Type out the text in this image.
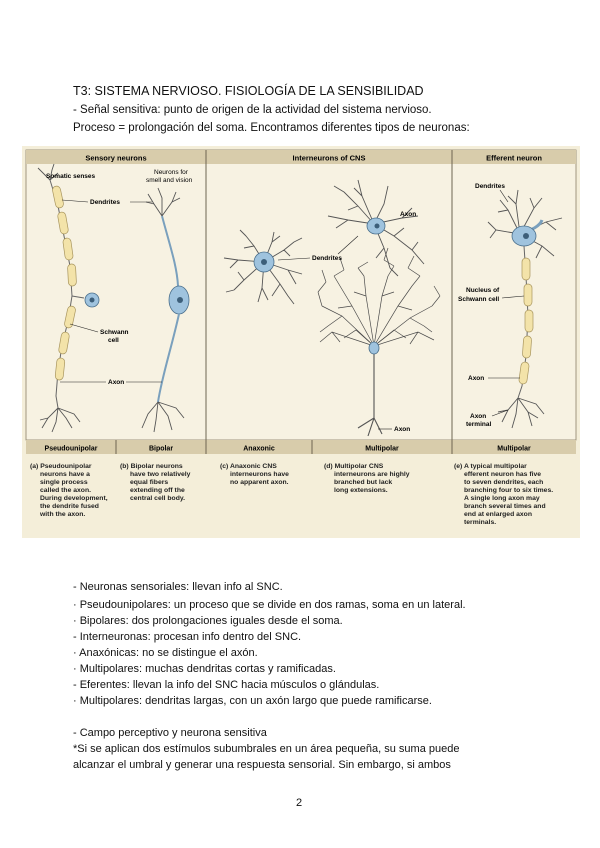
T3: SISTEMA NERVIOSO. FISIOLOGÍA DE LA SENSIBILIDAD
- Señal sensitiva: punto de origen de la actividad del sistema nervioso.
Proceso = prolongación del soma. Encontramos diferentes tipos de neuronas:
Sensory neurons	Interneurons of CNS	Efferent neuron
Somatic senses
Neurons for
smell and vision
Dendrites
Schwann
cell
Axon
Axon
Dendrites
Axon
Dendrites
Nucleus of
Schwann cell
Axon
Axon
terminal
Pseudounipolar	Bipolar	Anaxonic	Multipolar	Multipolar
(a) Pseudounipolar neurons have a single process called the axon. During development, the dendrite fused with the axon.
(b) Bipolar neurons have two relatively equal fibers extending off the central cell body.
(c) Anaxonic CNS interneurons have no apparent axon.
(d) Multipolar CNS interneurons are highly branched but lack long extensions.
(e) A typical multipolar efferent neuron has five to seven dendrites, each branching four to six times. A single long axon may branch several times and end at enlarged axon terminals.
- Neuronas sensoriales: llevan info al SNC.
· Pseudounipolares: un proceso que se divide en dos ramas, soma en un lateral.
· Bipolares: dos prolongaciones iguales desde el soma.
- Interneuronas: procesan info dentro del SNC.
· Anaxónicas: no se distingue el axón.
· Multipolares: muchas dendritas cortas y ramificadas.
- Eferentes: llevan la info del SNC hacia músculos o glándulas.
· Multipolares: dendritas largas, con un axón largo que puede ramificarse.
- Campo perceptivo y neurona sensitiva
*Si se aplican dos estímulos subumbrales en un área pequeña, su suma puede
alcanzar el umbral y generar una respuesta sensorial. Sin embargo, si ambos
2
